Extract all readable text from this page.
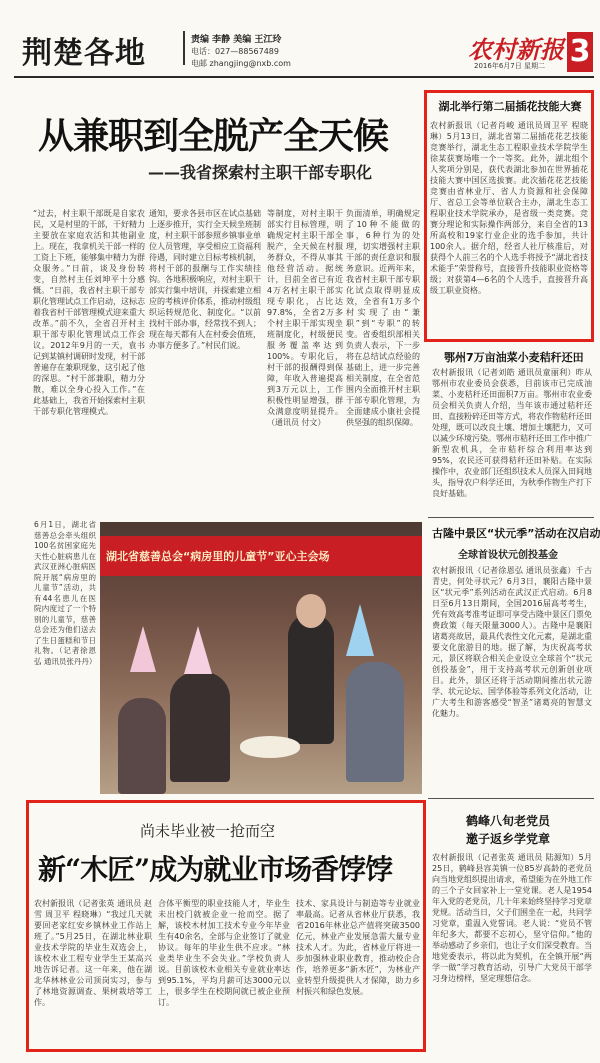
荆楚各地	责编 李静 美编 王江玲
电话：027—88567489
电邮 zhangjing@nxb.com	农村新报
2016年6月7日 星期二 3
从兼职到全脱产全天候
——我省探索村主职干部专职化
“过去，村主职干部既是自家农民，又是村里的干部，干好精力主要放在家庭农活和其他副业上。现在，我拿机关干部一样的工资上下班，能够集中精力为群众服务。”日前，谈及身份转变，自然村主任刘坤平十分感慨。“日前，我省村主职干部专职化管理试点工作启动，这标志着我省村干部管理模式迎来重大改革。”前不久，全省召开村主职干部专职化管理试点工作会议。2012年9月的一天，袁书记到某镇村调研时发现，村干部普遍存在兼职现象，这引起了他的深思。“村干部兼职，精力分散，难以全身心投入工作。”在此基础上，我省开始探索村主职干部专职化管理模式。
通知，要求各县市区在试点基础上逐步推开，实行全天候坐班制度，村主职干部参照乡镇事业单位人员管理，享受相应工资福利待遇，同时建立目标考核机制，将村干部的报酬与工作实绩挂钩。各地积极响应，对村主职干部实行集中培训，并探索建立相应的考核评价体系，推动村级组织运转规范化、制度化。“以前找村干部办事，经常找不到人；现在每天都有人在村委会值班，办事方便多了。”村民们说。
等制度，对村主职干部实行目标管理，明确规定村主职干部全脱产，全天候在村服务群众，不得从事其他经营活动。据统计，目前全省已有近4万名村主职干部实现专职化，占比达97.8%，全省2万多个村主职干部实现坐班制度化，村级便民服务覆盖率达到100%。专职化后，村干部的报酬得到保障，年收入普遍提高到3万元以上，工作积极性明显增强，群众满意度明显提升。（通讯员 付文）
负面清单，明确规定了10种不能做的事，6种行为的处理，切实增强村主职干部的责任意识和服务意识。近两年来，我省村主职干部专职化试点取得明显成效，全省有1万多个村实现了由“兼职”到“专职”的转变。省委组织部相关负责人表示，下一步将在总结试点经验的基础上，进一步完善相关制度，在全省范围内全面推开村主职干部专职化管理，为全面建成小康社会提供坚强的组织保障。
湖北举行第二届插花技能大赛
农村新报讯（记者肖峻 通讯员周卫平 程晓琳）5月13日，湖北省第二届插花花艺技能竞赛举行，湖北生态工程职业技术学院学生徐某获赛场唯一个一等奖。此外，湖北组个人奖项分别是，获代表湖北参加在世界插花技能大赛中国区选拔赛。此次插花花艺技能竞赛由省林业厅、省人力资源和社会保障厅、省总工会等单位联合主办，湖北生态工程职业技术学院承办，是省级一类竞赛。竞赛分理论和实际操作两部分，来自全省的13所高校和19家行业企业的选手参加，共计100余人。据介绍，经省人社厅核准后，对获得个人前三名的个人选手将授予“湖北省技术能手”荣誉称号，直接晋升技能职业资格等级；对获第4—6名的个人选手，直接晋升高级工职业资格。
鄂州7万亩油菜小麦秸秆还田
农村新报讯（记者刘皓 通讯员童丽利）昨从鄂州市农业委员会获悉，目前该市已完成油菜、小麦秸秆还田面积7万亩。鄂州市农业委员会相关负责人介绍，当年该市通过秸秆还田、直接粉碎还田等方式，将农作物秸秆还田处理，既可以改良土壤、增加土壤肥力，又可以减少环境污染。鄂州市秸秆还田工作中推广新型农机具，全市秸秆综合利用率达到95%，农民还可获得秸秆还田补贴。在实际操作中，农业部门还组织技术人员深入田间地头，指导农户科学还田，为秋季作物生产打下良好基础。
古隆中景区“状元季”活动在汉启动
全球首设状元创投基金
农村新报讯（记者徐恩弘 通讯员张鑫）千古青史，何处寻状元？6月3日，襄阳古隆中景区“状元季”系列活动在武汉正式启动。6月8日至6月13日期间，全国2016届高考考生，凭有效高考准考证即可享受古隆中景区门票免费政策（每天限量3000人）。古隆中是襄阳诸葛亮故居，最具代表性文化元素，是湖北重要文化旅游目的地。据了解，为庆祝高考状元，景区将联合相关企业设立全球首个“状元创投基金”，用于支持高考状元创新创业项目。此外，景区还将于活动期间推出状元游学、状元论坛、国学体验等系列文化活动，让广大考生和游客感受“智圣”诸葛亮的智慧文化魅力。
6月1日，湖北省慈善总会牵头组织100名贫困家庭先天性心脏病患儿在武汉亚洲心脏病医院开展“病房里的儿童节”活动，共有44名患儿在医院内度过了一个特别的儿童节，慈善总会还为他们送去了生日蛋糕和节日礼物。（记者徐恩弘 通讯员张丹丹）
湖北省慈善总会“病房里的儿童节”亚心主会场
尚未毕业被一抢而空
新“木匠”成为就业市场香饽饽
农村新报讯（记者张英 通讯员 赵雪 周卫平 程晓琳）“我过几天就要回老家红安乡镇林业工作站上班了。”5月25日，在湖北林业职业技术学院的毕业生双选会上，该校木业工程专业学生王某高兴地告诉记者。这一年来，他在湖北华林林业公司顶岗实习，参与了林地资源调查、果树栽培等工作。
合体平衡型的职业技能人才，毕业生未出校门就被企业一抢而空。据了解，该校木材加工技术专业今年毕业生有40余名，全部与企业签订了就业协议。每年的毕业生供不应求。“林业类毕业生不会失业。”学校负责人说。目前该校木业相关专业就业率达到95.1%，平均月薪可达3000元以上，很多学生在校期间就已被企业预订。
技术、家具设计与制造等专业就业率最高。记者从省林业厅获悉，我省2016年林业总产值将突破3500亿元，林业产业发展急需大量专业技术人才。为此，省林业厅将进一步加强林业职业教育，推动校企合作，培养更多“新木匠”，为林业产业转型升级提供人才保障，助力乡村振兴和绿色发展。
鹤峰八旬老党员
邀子返乡学党章
农村新报讯（记者张英 通讯员 陆源知）5月25日，鹤峰县容美镇一位85岁高龄的老党员向当地党组织提出请求，希望能为在外地工作的三个子女回家补上一堂党课。老人是1954年入党的老党员，几十年来始终坚持学习党章党规。活动当日，父子们围坐在一起，共同学习党章，重温入党誓词。老人说：“党员不管年纪多大，都要不忘初心，坚守信仰。”他的举动感动了乡亲们，也让子女们深受教育。当地党委表示，将以此为契机，在全镇开展“两学一做”学习教育活动，引导广大党员干部学习身边榜样，坚定理想信念。
